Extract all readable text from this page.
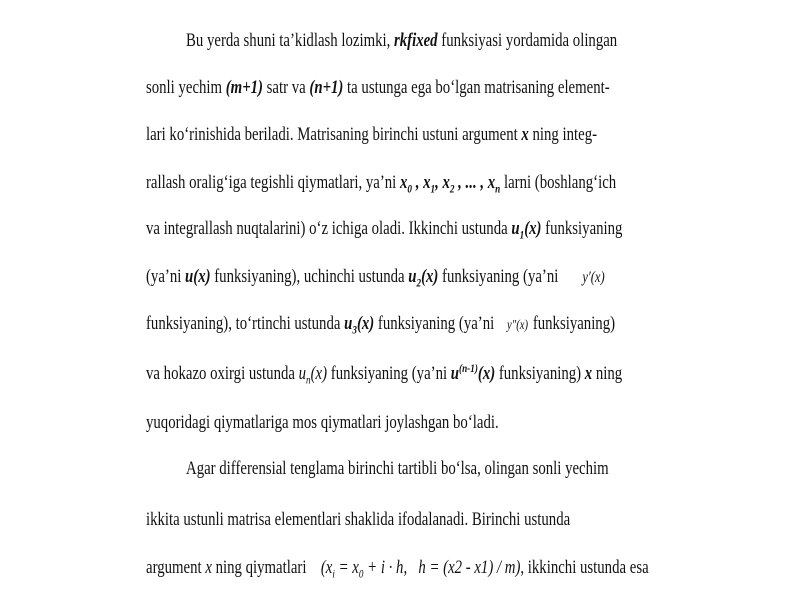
Bu yerda shuni ta’kidlash lozimki, rkfixed funksiyasi yordamida olingan
sonli yechim (m+1) satr va (n+1) ta ustunga ega bo‘lgan matrisaning element-
lari ko‘rinishida beriladi. Matrisaning birinchi ustuni argument x ning integ-
rallash oralig‘iga tegishli qiymatlari, ya’ni $x_0$ , $x_1$, $x_2$ , ... , $x_n$ larni (boshlang‘ich
va integrallash nuqtalarini) o‘z ichiga oladi. Ikkinchi ustunda $u_1(x)$ funksiyaning
(ya’ni u(x) funksiyaning), uchinchi ustunda $u_2(x)$ funksiyaning (ya’ni y′(x)
funksiyaning), to‘rtinchi ustunda $u_3(x)$ funksiyaning (ya’ni y″(x) funksiyaning)
va hokazo oxirgi ustunda $u_n(x)$ funksiyaning (ya’ni $u^{(n-1)}(x)$ funksiyaning) x ning
yuqoridagi qiymatlariga mos qiymatlari joylashgan bo‘ladi.
Agar differensial tenglama birinchi tartibli bo‘lsa, olingan sonli yechim
ikkita ustunli matrisa elementlari shaklida ifodalanadi. Birinchi ustunda
argument x ning qiymatlari ($x_i = x_0 + i \cdot h$, h = (x2 - x1) / m), ikkinchi ustunda esa
